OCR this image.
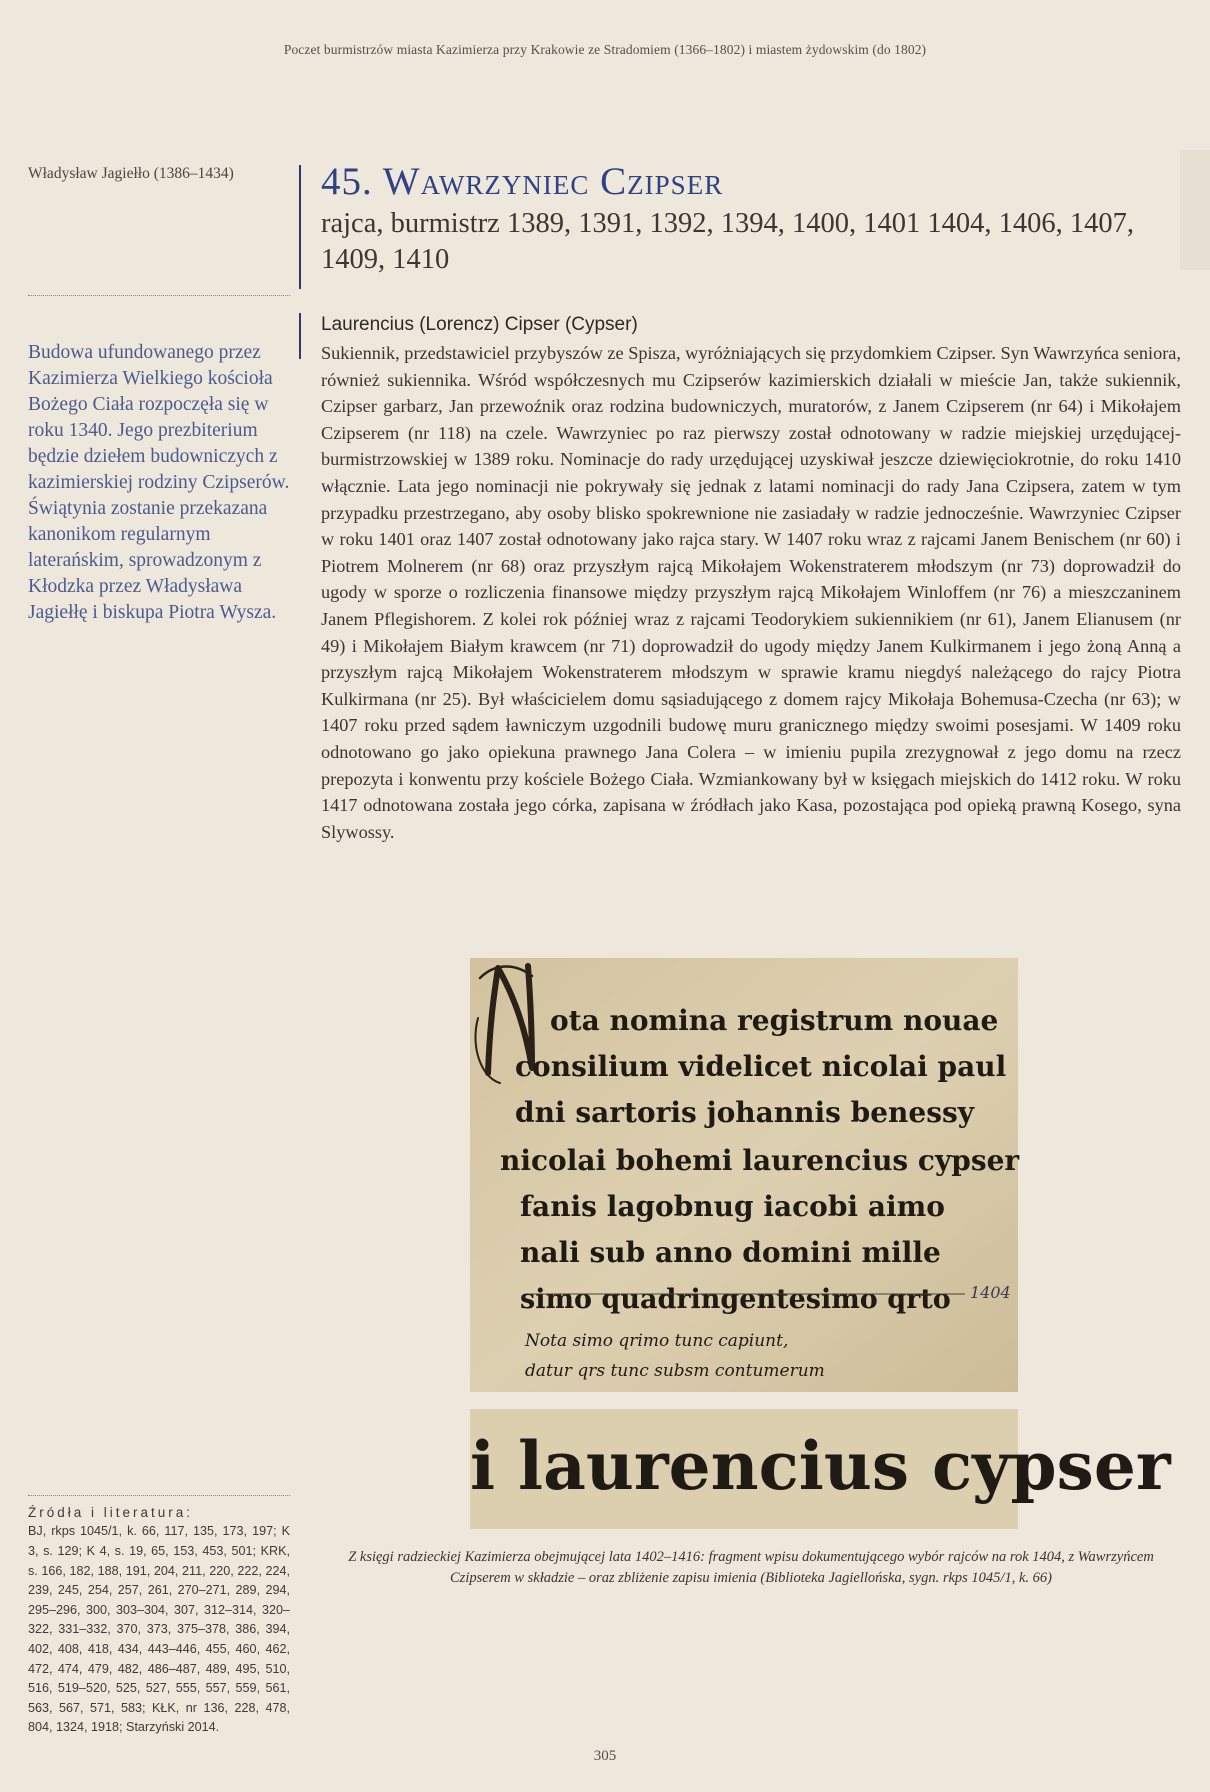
Poczet burmistrzów miasta Kazimierza przy Krakowie ze Stradomiem (1366–1802) i miastem żydowskim (do 1802)
Władysław Jagiełło (1386–1434)
Budowa ufundowanego przez Kazimierza Wielkiego kościoła Bożego Ciała rozpoczęła się w roku 1340. Jego prezbiterium będzie dziełem budowniczych z kazimierskiej rodziny Czipserów. Świątynia zostanie przekazana kanonikom regularnym laterańskim, sprowadzonym z Kłodzka przez Władysława Jagiełłę i biskupa Piotra Wysza.
45. Wawrzyniec Czipser
rajca, burmistrz 1389, 1391, 1392, 1394, 1400, 1401 1404, 1406, 1407, 1409, 1410
Laurencius (Lorencz) Cipser (Cypser)
Sukiennik, przedstawiciel przybyszów ze Spisza, wyróżniających się przydomkiem Czipser. Syn Wawrzyńca seniora, również sukiennika. Wśród współczesnych mu Czipserów kazimierskich działali w mieście Jan, także sukiennik, Czipser garbarz, Jan przewoźnik oraz rodzina budowniczych, muratorów, z Janem Czipserem (nr 64) i Mikołajem Czipserem (nr 118) na czele. Wawrzyniec po raz pierwszy został odnotowany w radzie miejskiej urzędującej-burmistrzowskiej w 1389 roku. Nominacje do rady urzędującej uzyskiwał jeszcze dziewięciokrotnie, do roku 1410 włącznie. Lata jego nominacji nie pokrywały się jednak z latami nominacji do rady Jana Czipsera, zatem w tym przypadku przestrzegano, aby osoby blisko spokrewnione nie zasiadały w radzie jednocześnie. Wawrzyniec Czipser w roku 1401 oraz 1407 został odnotowany jako rajca stary. W 1407 roku wraz z rajcami Janem Benischem (nr 60) i Piotrem Molnerem (nr 68) oraz przyszłym rajcą Mikołajem Wokenstraterem młodszym (nr 73) doprowadził do ugody w sporze o rozliczenia finansowe między przyszłym rajcą Mikołajem Winloffem (nr 76) a mieszczaninem Janem Pflegishorem. Z kolei rok później wraz z rajcami Teodorykiem sukiennikiem (nr 61), Janem Elianusem (nr 49) i Mikołajem Białym krawcem (nr 71) doprowadził do ugody między Janem Kulkirmanem i jego żoną Anną a przyszłym rajcą Mikołajem Wokenstraterem młodszym w sprawie kramu niegdyś należącego do rajcy Piotra Kulkirmana (nr 25). Był właścicielem domu sąsiadującego z domem rajcy Mikołaja Bohemusa-Czecha (nr 63); w 1407 roku przed sądem ławniczym uzgodnili budowę muru granicznego między swoimi posesjami. W 1409 roku odnotowano go jako opiekuna prawnego Jana Colera – w imieniu pupila zrezygnował z jego domu na rzecz prepozyta i konwentu przy kościele Bożego Ciała. Wzmiankowany był w księgach miejskich do 1412 roku. W roku 1417 odnotowana została jego córka, zapisana w źródłach jako Kasa, pozostająca pod opieką prawną Kosego, syna Slywossy.
ota nomina registrum nouae
consilium videlicet nicolai paul
dni sartoris johannis benessy
nicolai bohemi laurencius cypser
fanis lagobnug iacobi aimo
nali sub anno domini mille
simo quadringentesimo qrto
Nota simo qrimo tunc capiunt,
datur qrs tunc subsm contumerum
1404
i laurencius cypser
Z księgi radzieckiej Kazimierza obejmującej lata 1402–1416: fragment wpisu dokumentującego wybór rajców na rok 1404, z Wawrzyńcem Czipserem w składzie – oraz zbliżenie zapisu imienia (Biblioteka Jagiellońska, sygn. rkps 1045/1, k. 66)
Źródła i literatura:

BJ, rkps 1045/1, k. 66, 117, 135, 173, 197; K 3, s. 129; K 4, s. 19, 65, 153, 453, 501; KRK, s. 166, 182, 188, 191, 204, 211, 220, 222, 224, 239, 245, 254, 257, 261, 270–271, 289, 294, 295–296, 300, 303–304, 307, 312–314, 320–322, 331–332, 370, 373, 375–378, 386, 394, 402, 408, 418, 434, 443–446, 455, 460, 462, 472, 474, 479, 482, 486–487, 489, 495, 510, 516, 519–520, 525, 527, 555, 557, 559, 561, 563, 567, 571, 583; KŁK, nr 136, 228, 478, 804, 1324, 1918; Starzyński 2014.

305
